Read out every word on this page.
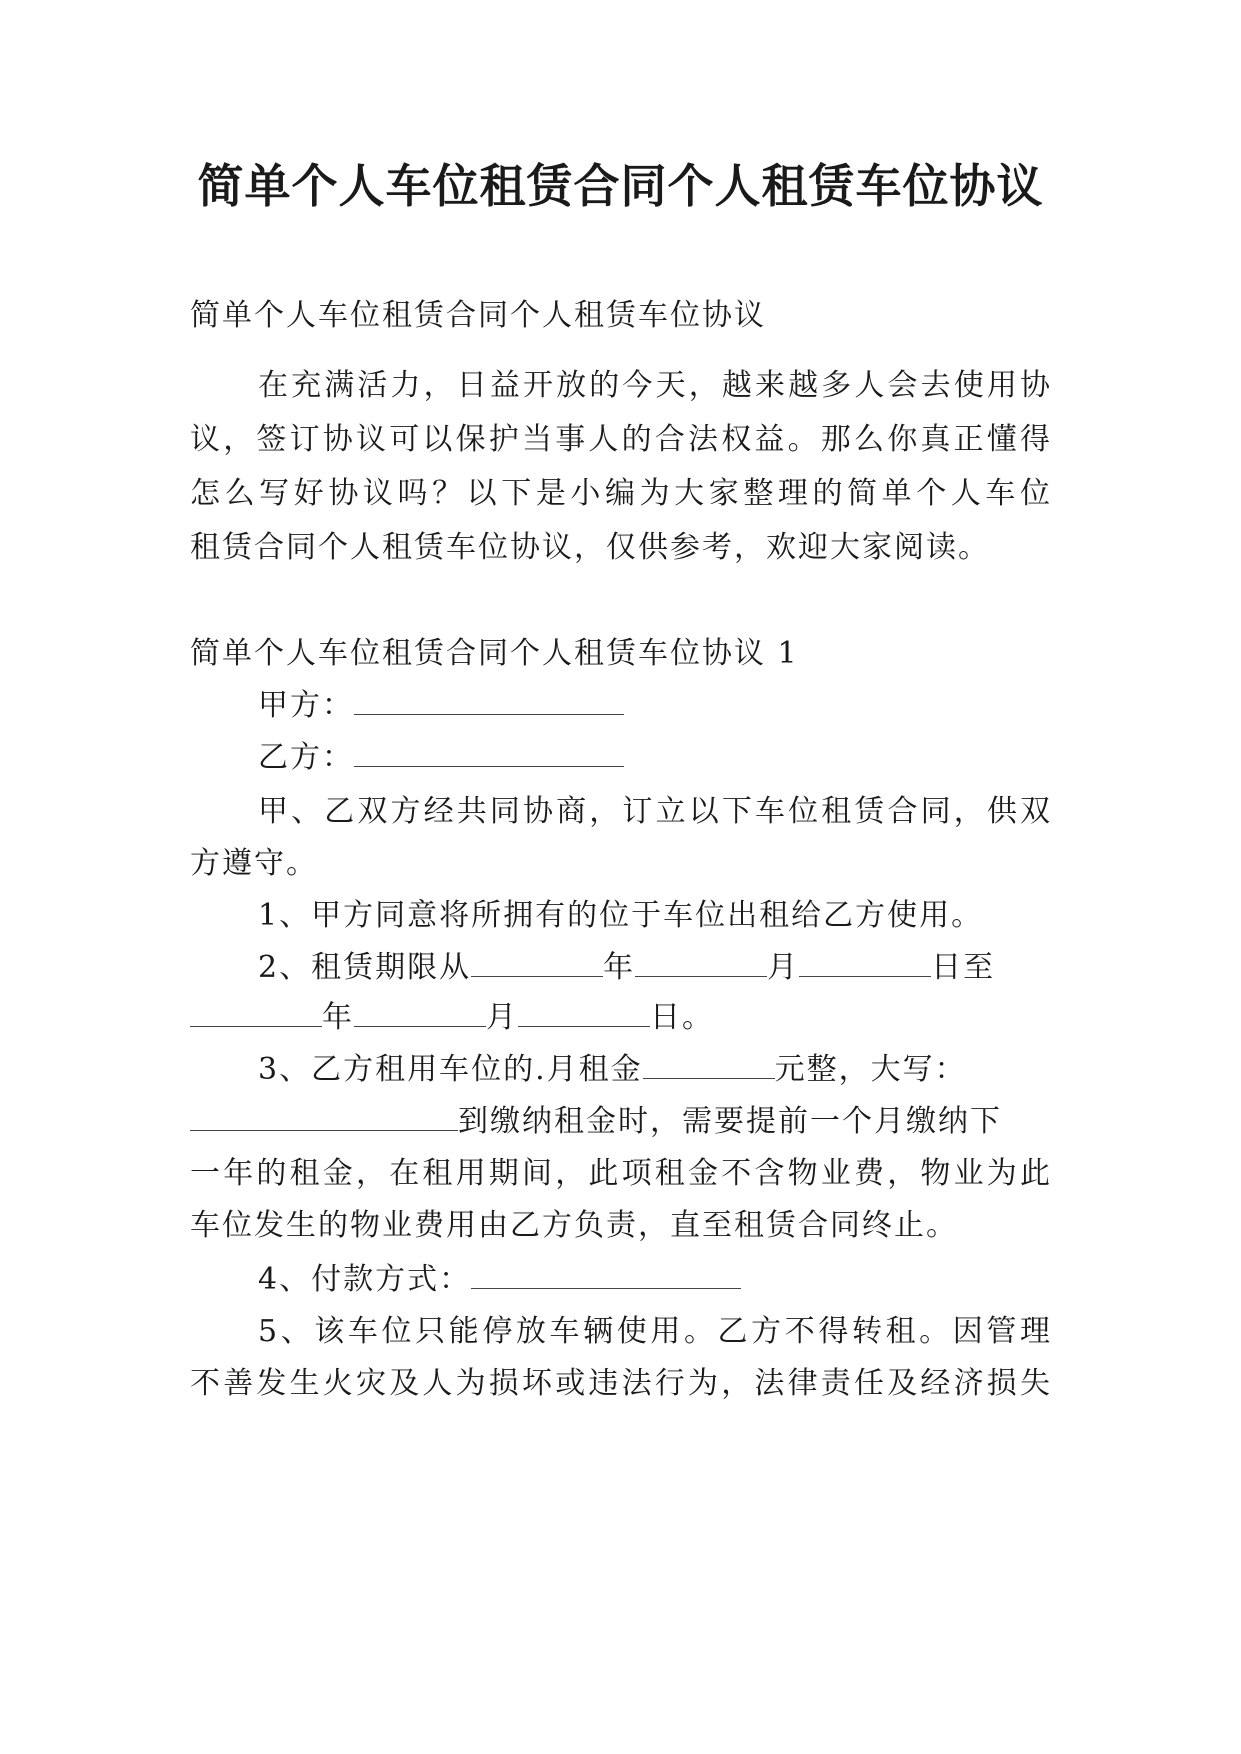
简单个人车位租赁合同个人租赁车位协议
简单个人车位租赁合同个人租赁车位协议
在充满活力，日益开放的今天，越来越多人会去使用协
议，签订协议可以保护当事人的合法权益。那么你真正懂得
怎么写好协议吗？以下是小编为大家整理的简单个人车位
租赁合同个人租赁车位协议，仅供参考，欢迎大家阅读。
简单个人车位租赁合同个人租赁车位协议 1
甲方：
乙方：
甲、乙双方经共同协商，订立以下车位租赁合同，供双
方遵守。
1、甲方同意将所拥有的位于车位出租给乙方使用。
2、租赁期限从	年	月	日至
年	月	日。
3、乙方租用车位的.月租金	元整，大写：
到缴纳租金时，需要提前一个月缴纳下
一年的租金，在租用期间，此项租金不含物业费，物业为此
车位发生的物业费用由乙方负责，直至租赁合同终止。
4、付款方式：
5、该车位只能停放车辆使用。乙方不得转租。因管理
不善发生火灾及人为损坏或违法行为，法律责任及经济损失
